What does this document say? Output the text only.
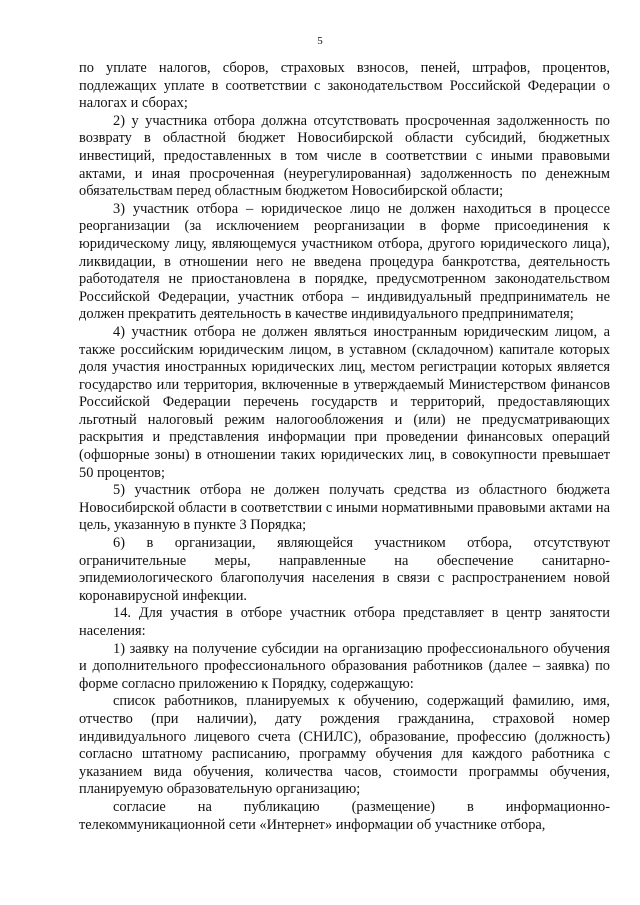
5

по уплате налогов, сборов, страховых взносов, пеней, штрафов, процентов, подлежащих уплате в соответствии с законодательством Российской Федерации о налогах и сборах;

2) у участника отбора должна отсутствовать просроченная задолженность по возврату в областной бюджет Новосибирской области субсидий, бюджетных инвестиций, предоставленных в том числе в соответствии с иными правовыми актами, и иная просроченная (неурегулированная) задолженность по денежным обязательствам перед областным бюджетом Новосибирской области;

3) участник отбора – юридическое лицо не должен находиться в процессе реорганизации (за исключением реорганизации в форме присоединения к юридическому лицу, являющемуся участником отбора, другого юридического лица), ликвидации, в отношении него не введена процедура банкротства, деятельность работодателя не приостановлена в порядке, предусмотренном законодательством Российской Федерации, участник отбора – индивидуальный предприниматель не должен прекратить деятельность в качестве индивидуального предпринимателя;

4) участник отбора не должен являться иностранным юридическим лицом, а также российским юридическим лицом, в уставном (складочном) капитале которых доля участия иностранных юридических лиц, местом регистрации которых является государство или территория, включенные в утверждаемый Министерством финансов Российской Федерации перечень государств и территорий, предоставляющих льготный налоговый режим налогообложения и (или) не предусматривающих раскрытия и представления информации при проведении финансовых операций (офшорные зоны) в отношении таких юридических лиц, в совокупности превышает 50 процентов;

5) участник отбора не должен получать средства из областного бюджета Новосибирской области в соответствии с иными нормативными правовыми актами на цель, указанную в пункте 3 Порядка;

6) в организации, являющейся участником отбора, отсутствуют ограничительные меры, направленные на обеспечение санитарно-эпидемиологического благополучия населения в связи с распространением новой коронавирусной инфекции.

14. Для участия в отборе участник отбора представляет в центр занятости населения:

1) заявку на получение субсидии на организацию профессионального обучения и дополнительного профессионального образования работников (далее – заявка) по форме согласно приложению к Порядку, содержащую:

список работников, планируемых к обучению, содержащий фамилию, имя, отчество (при наличии), дату рождения гражданина, страховой номер индивидуального лицевого счета (СНИЛС), образование, профессию (должность) согласно штатному расписанию, программу обучения для каждого работника с указанием вида обучения, количества часов, стоимости программы обучения, планируемую образовательную организацию;

согласие на публикацию (размещение) в информационно-телекоммуникационной сети «Интернет» информации об участнике отбора,
